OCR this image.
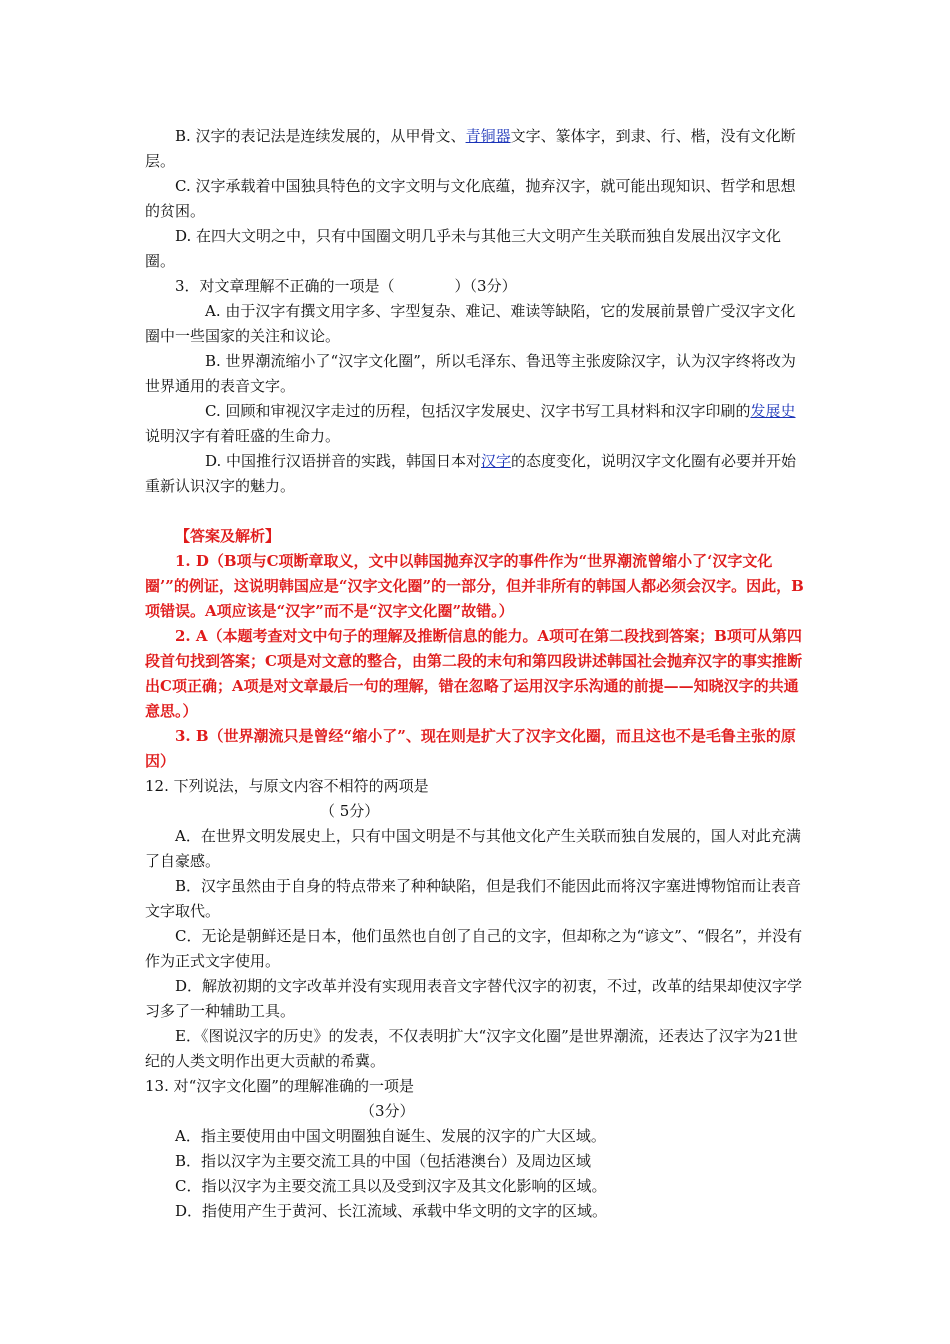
B. 汉字的表记法是连续发展的，从甲骨文、青铜器文字、篆体字，到隶、行、楷，没有文化断层。

C. 汉字承载着中国独具特色的文字文明与文化底蕴，抛弃汉字，就可能出现知识、哲学和思想的贫困。

D. 在四大文明之中，只有中国圈文明几乎未与其他三大文明产生关联而独自发展出汉字文化圈。

3．对文章理解不正确的一项是（　　　　）（3分）

A. 由于汉字有撰文用字多、字型复杂、难记、难读等缺陷，它的发展前景曾广受汉字文化圈中一些国家的关注和议论。

B. 世界潮流缩小了“汉字文化圈”，所以毛泽东、鲁迅等主张废除汉字，认为汉字终将改为世界通用的表音文字。

C. 回顾和审视汉字走过的历程，包括汉字发展史、汉字书写工具材料和汉字印刷的发展史说明汉字有着旺盛的生命力。

D. 中国推行汉语拼音的实践，韩国日本对汉字的态度变化，说明汉字文化圈有必要并开始重新认识汉字的魅力。

【答案及解析】

1. D（B项与C项断章取义，文中以韩国抛弃汉字的事件作为“世界潮流曾缩小了‘汉字文化圈’”的例证，这说明韩国应是“汉字文化圈”的一部分，但并非所有的韩国人都必须会汉字。因此，B项错误。A项应该是“汉字”而不是“汉字文化圈”故错。）

2. A（本题考查对文中句子的理解及推断信息的能力。A项可在第二段找到答案；B项可从第四段首句找到答案；C项是对文意的整合，由第二段的末句和第四段讲述韩国社会抛弃汉字的事实推断出C项正确；A项是对文章最后一句的理解，错在忽略了运用汉字乐沟通的前提——知晓汉字的共通意思。）

3. B（世界潮流只是曾经“缩小了”、现在则是扩大了汉字文化圈，而且这也不是毛鲁主张的原因）

12. 下列说法，与原文内容不相符的两项是

（ 5分）

A．在世界文明发展史上，只有中国文明是不与其他文化产生关联而独自发展的，国人对此充满了自豪感。

B．汉字虽然由于自身的特点带来了种种缺陷，但是我们不能因此而将汉字塞进博物馆而让表音文字取代。

C．无论是朝鲜还是日本，他们虽然也自创了自己的文字，但却称之为“谚文”、“假名”，并没有作为正式文字使用。

D．解放初期的文字改革并没有实现用表音文字替代汉字的初衷，不过，改革的结果却使汉字学习多了一种辅助工具。

E．《图说汉字的历史》的发表，不仅表明扩大“汉字文化圈”是世界潮流，还表达了汉字为21世纪的人类文明作出更大贡献的希冀。

13. 对“汉字文化圈”的理解准确的一项是

（3分）

A．指主要使用由中国文明圈独自诞生、发展的汉字的广大区域。

B．指以汉字为主要交流工具的中国（包括港澳台）及周边区域

C．指以汉字为主要交流工具以及受到汉字及其文化影响的区域。

D．指使用产生于黄河、长江流域、承载中华文明的文字的区域。
